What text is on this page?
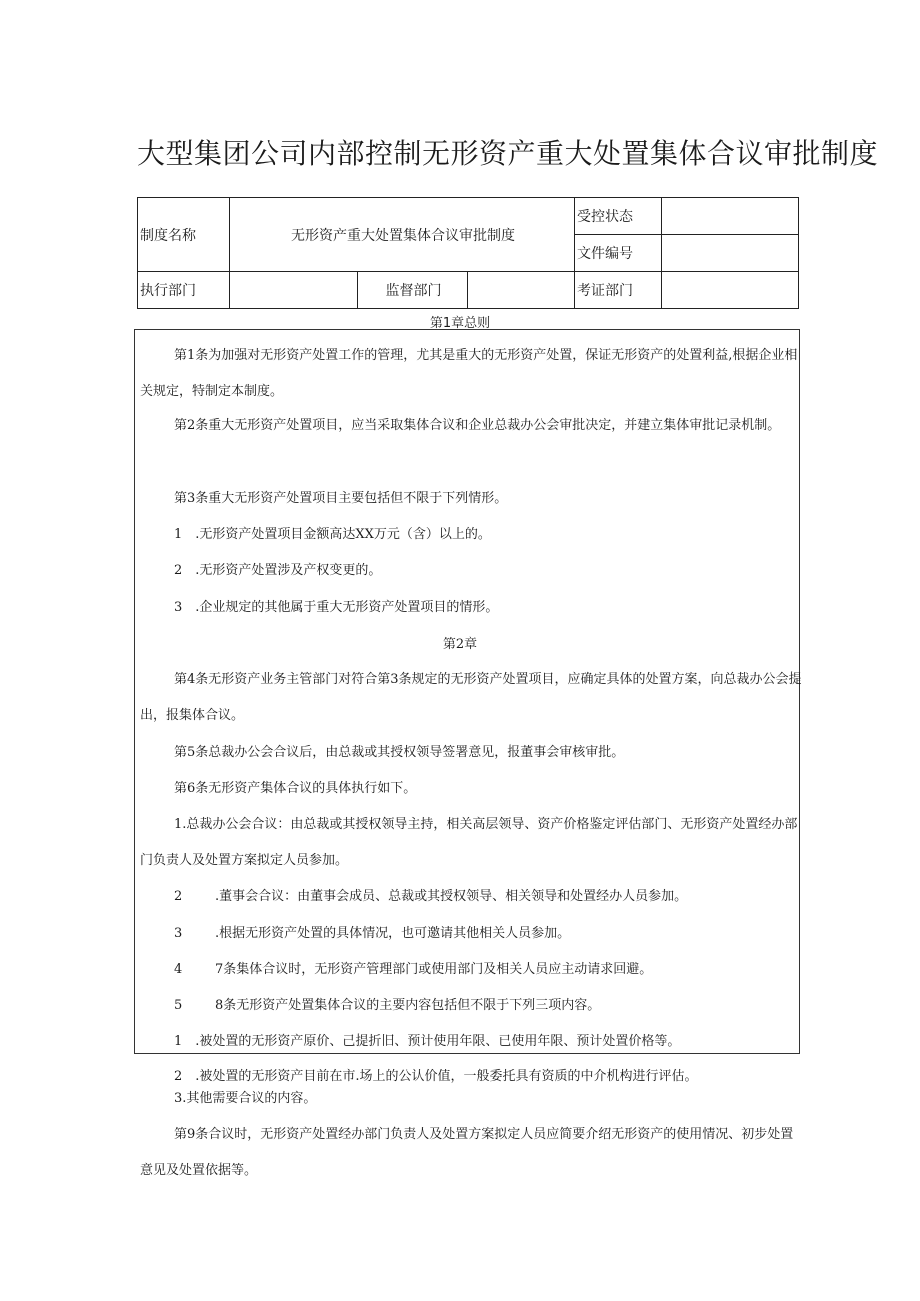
大型集团公司内部控制无形资产重大处置集体合议审批制度
制度名称	无形资产重大处置集体合议审批制度			受控状态	
				文件编号	
执行部门		监督部门		考证部门	
第1章总则
第1条为加强对无形资产处置工作的管理，尤其是重大的无形资产处置，保证无形资产的处置利益,根据企业相关规定，特制定本制度。
第2条重大无形资产处置项目，应当采取集体合议和企业总裁办公会审批决定，并建立集体审批记录机制。
第3条重大无形资产处置项目主要包括但不限于下列情形。
1　.无形资产处置项目金额高达XX万元（含）以上的。
2　.无形资产处置涉及产权变更的。
3　.企业规定的其他属于重大无形资产处置项目的情形。
第2章
第4条无形资产业务主管部门对符合第3条规定的无形资产处置项目，应确定具体的处置方案，向总裁办公会提出，报集体合议。
第5条总裁办公会合议后，由总裁或其授权领导签署意见，报董事会审核审批。
第6条无形资产集体合议的具体执行如下。
1.总裁办公会合议：由总裁或其授权领导主持，相关高层领导、资产价格鉴定评估部门、无形资产处置经办部门负责人及处置方案拟定人员参加。
2　.董事会合议：由董事会成员、总裁或其授权领导、相关领导和处置经办人员参加。
3　.根据无形资产处置的具体情况，也可邀请其他相关人员参加。
4　7条集体合议时，无形资产管理部门或使用部门及相关人员应主动请求回避。
5　8条无形资产处置集体合议的主要内容包括但不限于下列三项内容。
1　.被处置的无形资产原价、己提折旧、预计使用年限、已使用年限、预计处置价格等。
2　.被处置的无形资产目前在市.场上的公认价值，一般委托具有资质的中介机构进行评估。
3.其他需要合议的内容。
第9条合议时，无形资产处置经办部门负责人及处置方案拟定人员应简要介绍无形资产的使用情况、初步处置意见及处置依据等。
